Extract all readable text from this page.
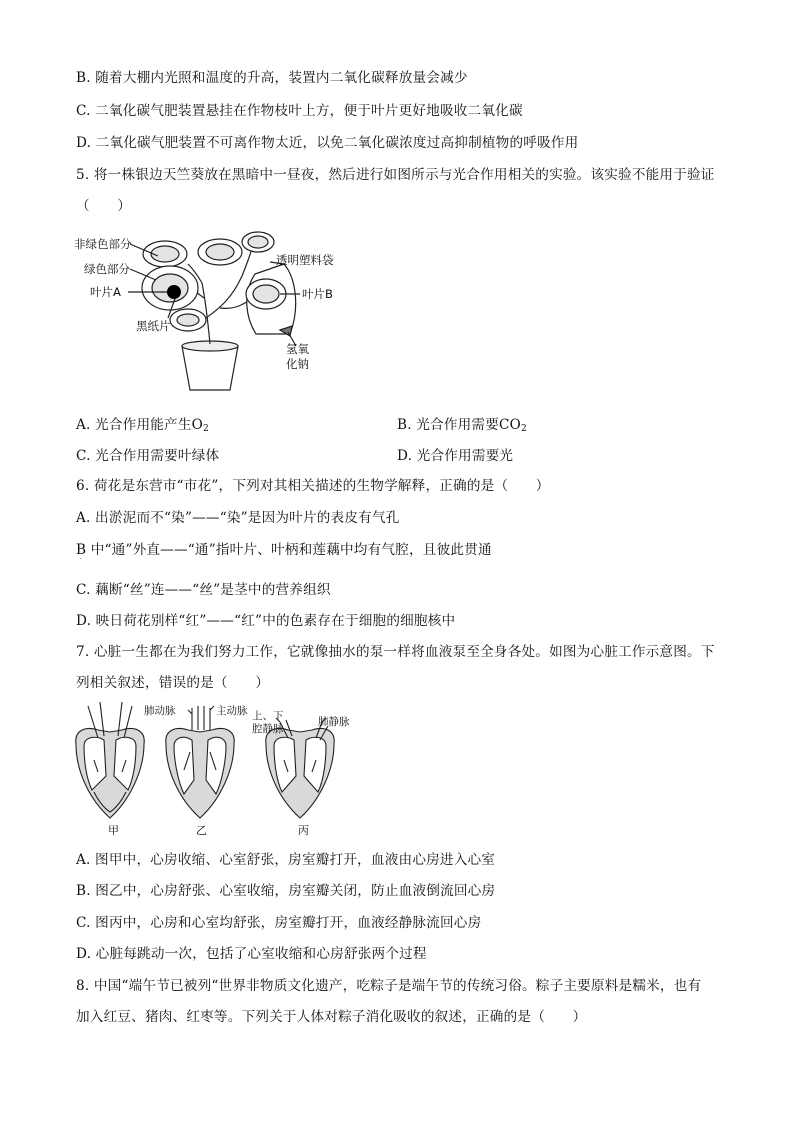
B. 随着大棚内光照和温度的升高，装置内二氧化碳释放量会减少
C. 二氧化碳气肥装置悬挂在作物枝叶上方，便于叶片更好地吸收二氧化碳
D. 二氧化碳气肥装置不可离作物太近，以免二氧化碳浓度过高抑制植物的呼吸作用
5. 将一株银边天竺葵放在黑暗中一昼夜，然后进行如图所示与光合作用相关的实验。该实验不能用于验证
（　　）
非绿色部分
绿色部分
叶片A
黑纸片
透明塑料袋
叶片B
氢氧
化钠
A. 光合作用能产生$O_2$	B. 光合作用需要$CO_2$
C. 光合作用需要叶绿体	D. 光合作用需要光
6. 荷花是东营市“市花”，下列对其相关描述的生物学解释，正确的是（　　）
A. 出淤泥而不“染”——“染”是因为叶片的表皮有气孔
B 中“通”外直——“通”指叶片、叶柄和莲藕中均有气腔，且彼此贯通
·
C. 藕断“丝”连——“丝”是茎中的营养组织
D. 映日荷花别样“红”——“红”中的色素存在于细胞的细胞核中
7. 心脏一生都在为我们努力工作，它就像抽水的泵一样将血液泵至全身各处。如图为心脏工作示意图。下
列相关叙述，错误的是（　　）
肺动脉	主动脉 上、下
腔静脉
肺静脉
甲	乙	丙
A. 图甲中，心房收缩、心室舒张，房室瓣打开，血液由心房进入心室
B. 图乙中，心房舒张、心室收缩，房室瓣关闭，防止血液倒流回心房
C. 图丙中，心房和心室均舒张，房室瓣打开，血液经静脉流回心房
D. 心脏每跳动一次，包括了心室收缩和心房舒张两个过程
8. 中国“端午节已被列“世界非物质文化遗产，吃粽子是端午节的传统习俗。粽子主要原料是糯米，也有
加入红豆、猪肉、红枣等。下列关于人体对粽子消化吸收的叙述，正确的是（　　）
